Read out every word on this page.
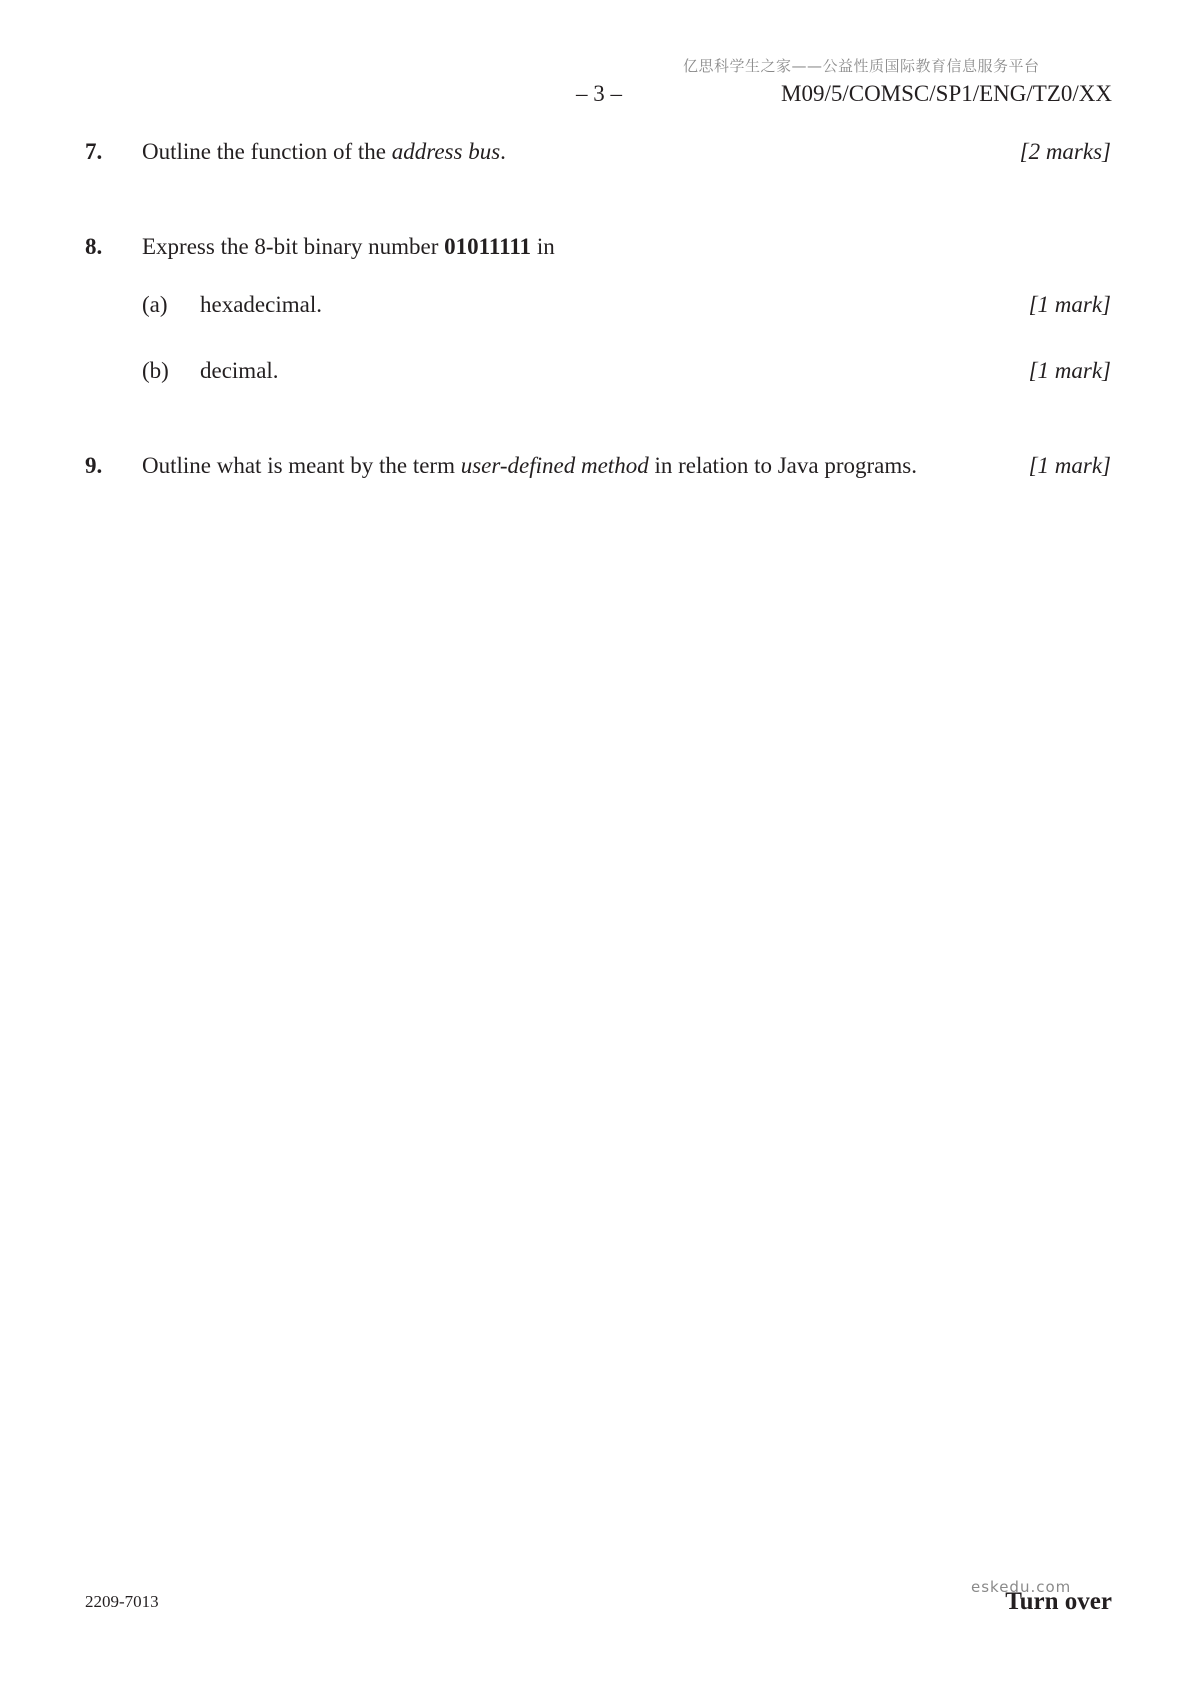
亿思科学生之家——公益性质国际教育信息服务平台
– 3 –	M09/5/COMSC/SP1/ENG/TZ0/XX
7. Outline the function of the address bus.	[2 marks]
8. Express the 8-bit binary number 01011111 in
(a) hexadecimal.	[1 mark]
(b) decimal.	[1 mark]
9. Outline what is meant by the term user-defined method in relation to Java programs.	[1 mark]
2209-7013
eskedu.com
Turn over
